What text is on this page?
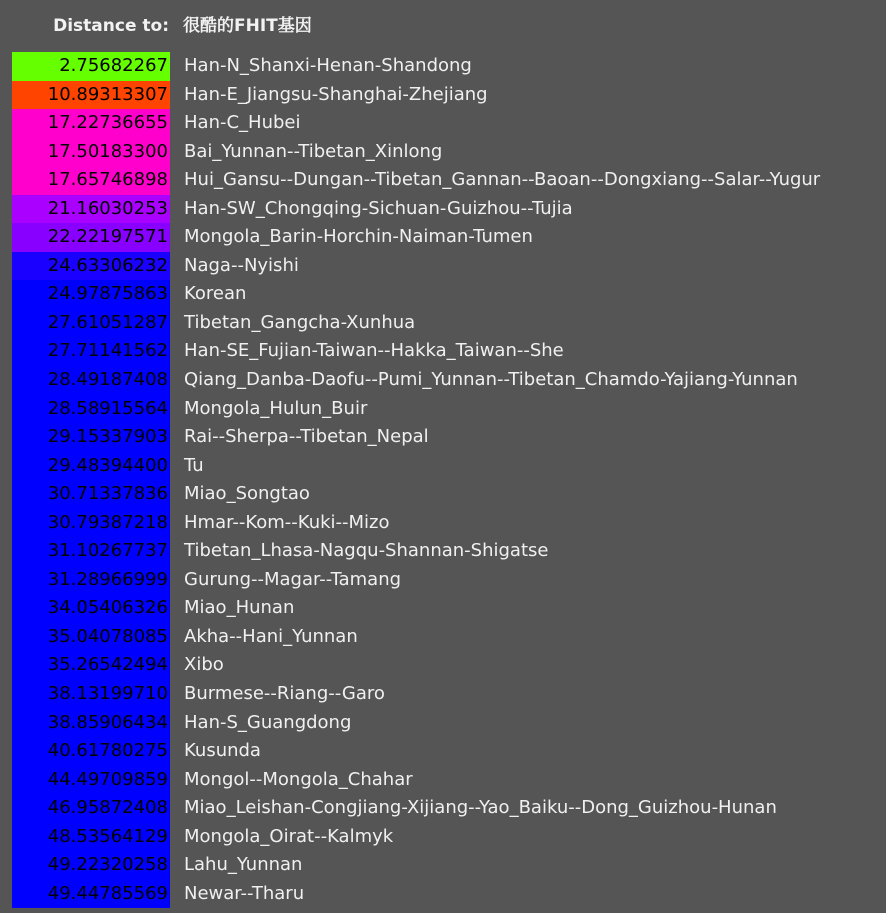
Distance to: 很酷的FHIT基因
2.75682267 Han-N_Shanxi-Henan-Shandong
10.89313307 Han-E_Jiangsu-Shanghai-Zhejiang
17.22736655 Han-C_Hubei
17.50183300 Bai_Yunnan--Tibetan_Xinlong
17.65746898 Hui_Gansu--Dungan--Tibetan_Gannan--Baoan--Dongxiang--Salar--Yugur
21.16030253 Han-SW_Chongqing-Sichuan-Guizhou--Tujia
22.22197571 Mongola_Barin-Horchin-Naiman-Tumen
24.63306232 Naga--Nyishi
24.97875863 Korean
27.61051287 Tibetan_Gangcha-Xunhua
27.71141562 Han-SE_Fujian-Taiwan--Hakka_Taiwan--She
28.49187408 Qiang_Danba-Daofu--Pumi_Yunnan--Tibetan_Chamdo-Yajiang-Yunnan
28.58915564 Mongola_Hulun_Buir
29.15337903 Rai--Sherpa--Tibetan_Nepal
29.48394400 Tu
30.71337836 Miao_Songtao
30.79387218 Hmar--Kom--Kuki--Mizo
31.10267737 Tibetan_Lhasa-Nagqu-Shannan-Shigatse
31.28966999 Gurung--Magar--Tamang
34.05406326 Miao_Hunan
35.04078085 Akha--Hani_Yunnan
35.26542494 Xibo
38.13199710 Burmese--Riang--Garo
38.85906434 Han-S_Guangdong
40.61780275 Kusunda
44.49709859 Mongol--Mongola_Chahar
46.95872408 Miao_Leishan-Congjiang-Xijiang--Yao_Baiku--Dong_Guizhou-Hunan
48.53564129 Mongola_Oirat--Kalmyk
49.22320258 Lahu_Yunnan
49.44785569 Newar--Tharu
